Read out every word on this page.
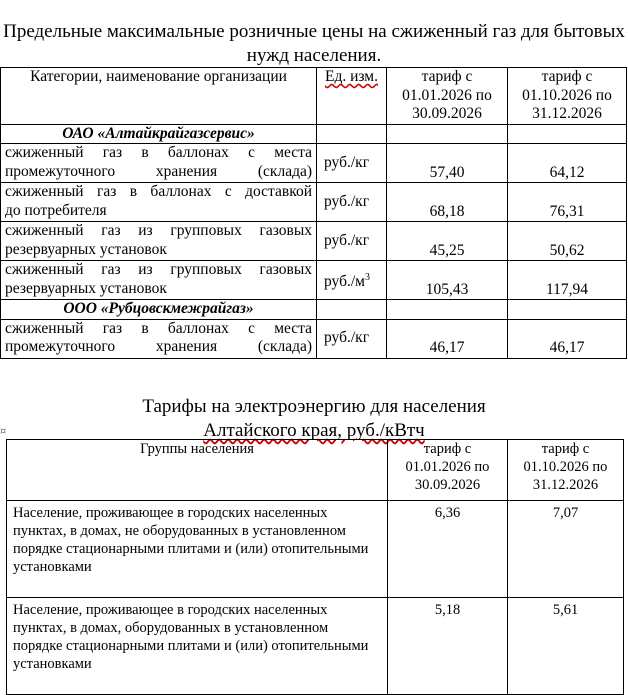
Предельные максимальные розничные цены на сжиженный газ для бытовых
нужд населения.
Категории, наименование организации	Ед. изм.	тариф с 01.01.2026 по 30.09.2026	тариф с 01.10.2026 по 31.12.2026
ОАО «Алтайкрайгазсервис»			

сжиженный газ в баллонах с места
промежуточного хранения (склада)	руб./кг	57,40	64,12

сжиженный газ в баллонах с доставкой
до потребителя	руб./кг	68,18	76,31

сжиженный газ из групповых газовых
резервуарных установок	руб./кг	45,25	50,62

сжиженный газ из групповых газовых
резервуарных установок	$руб./м^3$	105,43	117,94
ООО «Рубцовскмежрайгаз»			

сжиженный газ в баллонах с места
промежуточного хранения (склада)	руб./кг	46,17	46,17
Тарифы на электроэнергию для населения
¤	Алтайского края, руб./кВтч
Группы населения	тариф с 01.01.2026 по 30.09.2026	тариф с 01.10.2026 по 31.12.2026
Население, проживающее в городских населенных пунктах, в домах, не оборудованных в установленном порядке стационарными плитами и (или) отопительными установками	6,36	7,07
Население, проживающее в городских населенных пунктах, в домах, оборудованных в установленном порядке стационарными плитами и (или) отопительными установками	5,18	5,61
